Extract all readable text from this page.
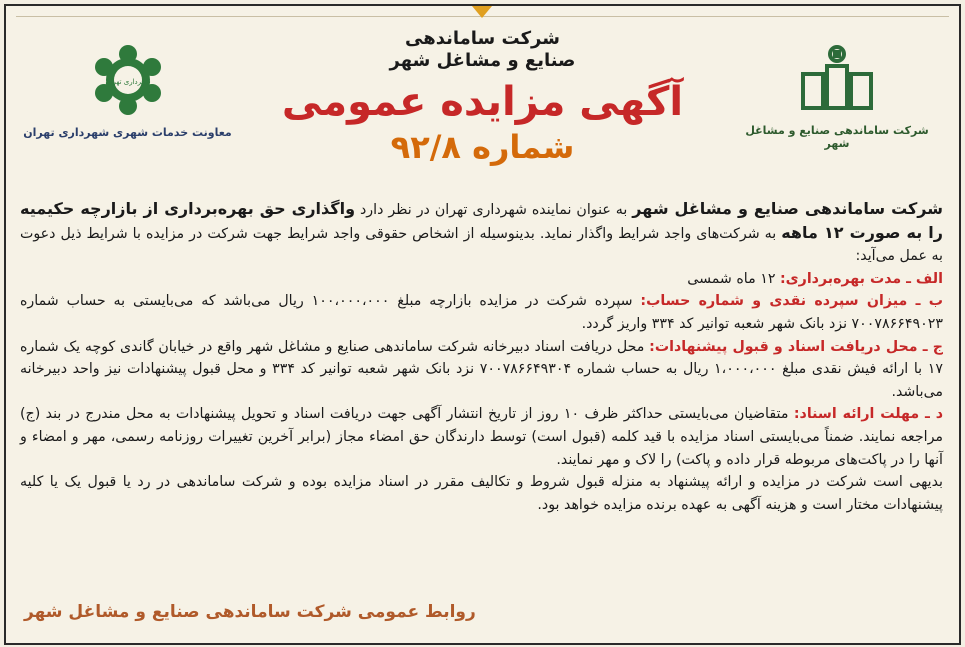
شرکت ساماندهی
صنایع و مشاغل شهر
آگهی مزایده عمومی
شماره ۹۲/۸	شرکت ساماندهی صنایع و مشاغل شهر
شهرداری تهران
معاونت خدمات شهری شهرداری تهران

شرکت ساماندهی صنایع و مشاغل شهر به عنوان نماینده شهرداری تهران در نظر دارد واگذاری حق بهره‌برداری از بازارچه حکیمیه را به صورت ۱۲ ماهه به شرکت‌های واجد شرایط واگذار نماید. بدینوسیله از اشخاص حقوقی واجد شرایط جهت شرکت در مزایده با شرایط ذیل دعوت به عمل می‌آید:

الف ـ مدت بهره‌برداری: ۱۲ ماه شمسی

ب ـ میزان سپرده نقدی و شماره حساب: سپرده شرکت در مزایده بازارچه مبلغ ۱۰۰،۰۰۰،۰۰۰ ریال می‌باشد که می‌بایستی به حساب شماره ۷۰۰۷۸۶۶۴۹۰۲۳ نزد بانک شهر شعبه توانیر کد ۳۳۴ واریز گردد.

ج ـ محل دریافت اسناد و قبول پیشنهادات: محل دریافت اسناد دبیرخانه شرکت ساماندهی صنایع و مشاغل شهر واقع در خیابان گاندی کوچه یک شماره ۱۷ با ارائه فیش نقدی مبلغ ۱،۰۰۰،۰۰۰ ریال به حساب شماره ۷۰۰۷۸۶۶۴۹۳۰۴ نزد بانک شهر شعبه توانیر کد ۳۳۴ و محل قبول پیشنهادات نیز واحد دبیرخانه می‌باشد.

د ـ مهلت ارائه اسناد: متقاضیان می‌بایستی حداکثر ظرف ۱۰ روز از تاریخ انتشار آگهی جهت دریافت اسناد و تحویل پیشنهادات به محل مندرج در بند (ج) مراجعه نمایند. ضمناً می‌بایستی اسناد مزایده با قید کلمه (قبول است) توسط دارندگان حق امضاء مجاز (برابر آخرین تغییرات روزنامه رسمی، مهر و امضاء و آنها را در پاکت‌های مربوطه قرار داده و پاکت) را لاک و مهر نمایند.

بدیهی است شرکت در مزایده و ارائه پیشنهاد به منزله قبول شروط و تکالیف مقرر در اسناد مزایده بوده و شرکت ساماندهی در رد یا قبول یک یا کلیه پیشنهادات مختار است و هزینه آگهی به عهده برنده مزایده خواهد بود.

روابط عمومی شرکت ساماندهی صنایع و مشاغل شهر
